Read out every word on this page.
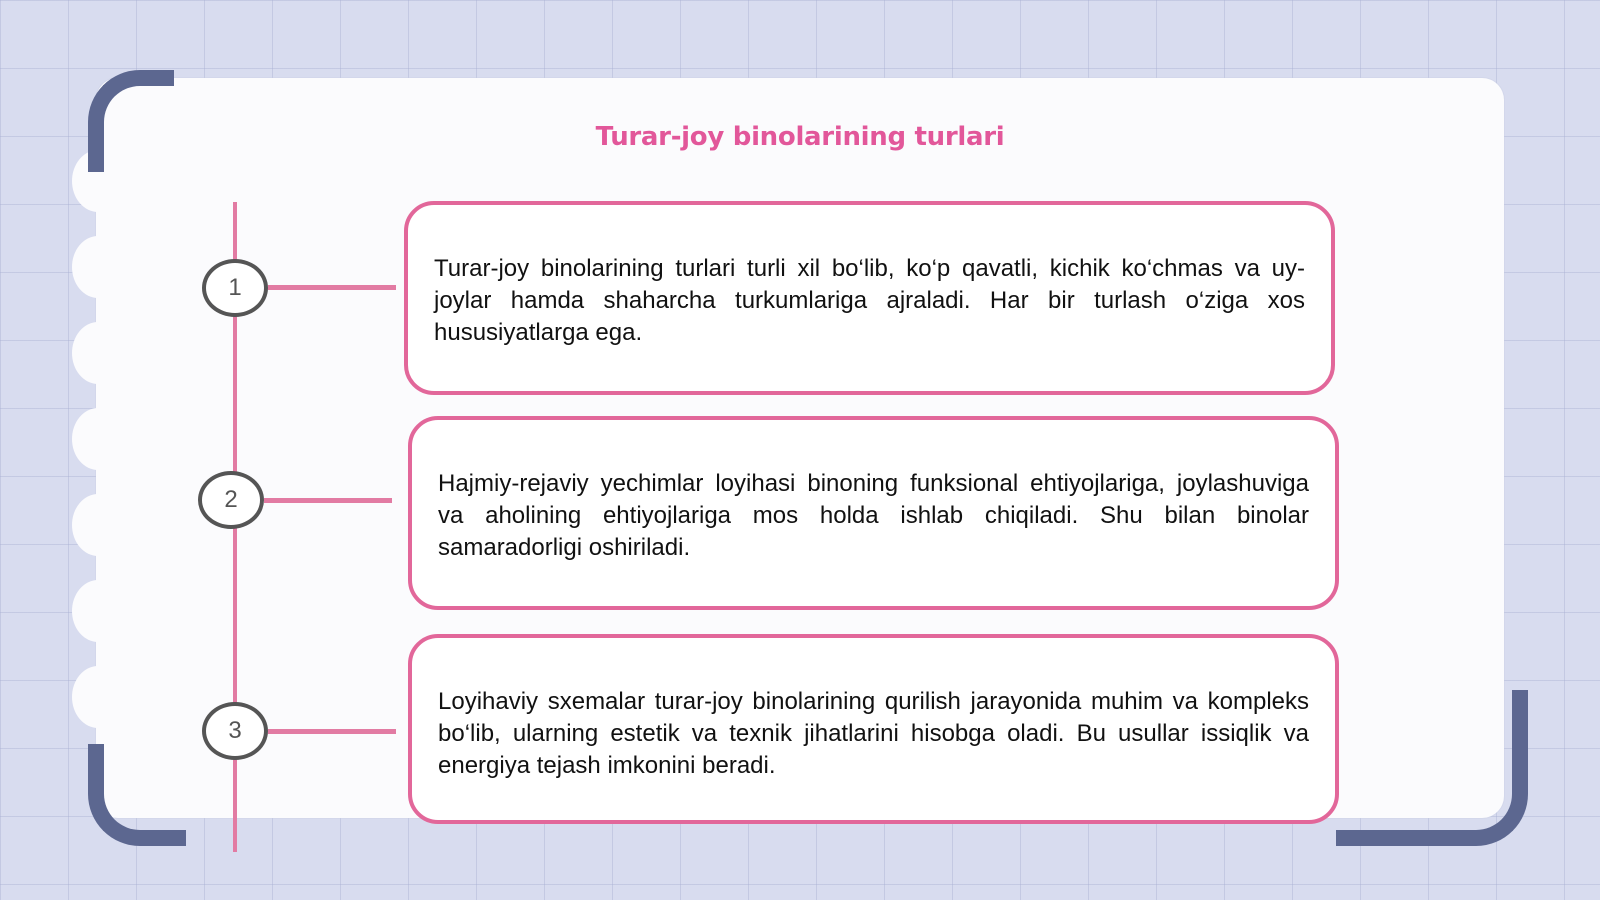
Turar-joy binolarining turlari
1
2
3

Turar-joy binolarining turlari turli xil bo‘lib, ko‘p qavatli, kichik ko‘chmas va uy-joylar hamda shaharcha turkumlariga ajraladi. Har bir turlash o‘ziga xos hususiyatlarga ega.

Hajmiy-rejaviy yechimlar loyihasi binoning funksional ehtiyojlariga, joylashuviga va aholining ehtiyojlariga mos holda ishlab chiqiladi. Shu bilan binolar samaradorligi oshiriladi.

Loyihaviy sxemalar turar-joy binolarining qurilish jarayonida muhim va kompleks bo‘lib, ularning estetik va texnik jihatlarini hisobga oladi. Bu usullar issiqlik va energiya tejash imkonini beradi.
